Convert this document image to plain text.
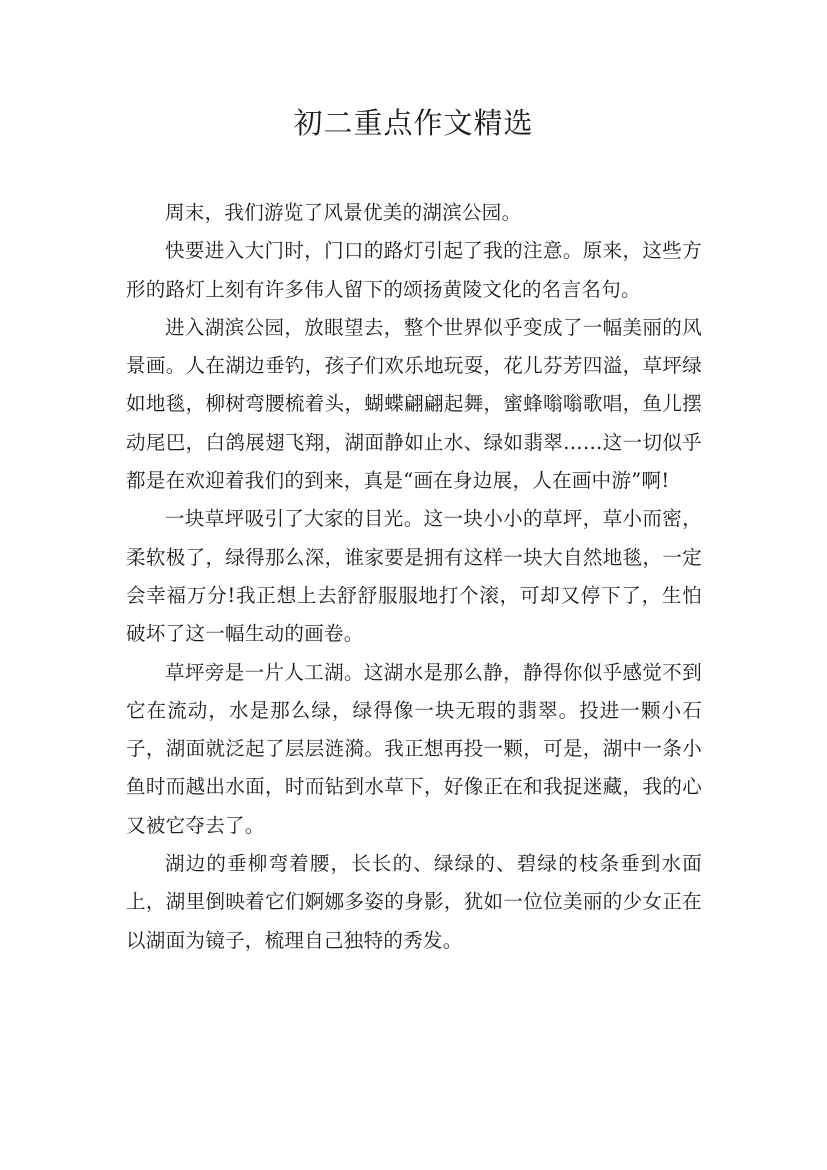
初二重点作文精选

周末，我们游览了风景优美的湖滨公园。

快要进入大门时，门口的路灯引起了我的注意。原来，这些方形的路灯上刻有许多伟人留下的颂扬黄陵文化的名言名句。

进入湖滨公园，放眼望去，整个世界似乎变成了一幅美丽的风景画。人在湖边垂钓，孩子们欢乐地玩耍，花儿芬芳四溢，草坪绿如地毯，柳树弯腰梳着头，蝴蝶翩翩起舞，蜜蜂嗡嗡歌唱，鱼儿摆动尾巴，白鸽展翅飞翔，湖面静如止水、绿如翡翠……这一切似乎都是在欢迎着我们的到来，真是“画在身边展，人在画中游”啊!

一块草坪吸引了大家的目光。这一块小小的草坪，草小而密，柔软极了，绿得那么深，谁家要是拥有这样一块大自然地毯，一定会幸福万分!我正想上去舒舒服服地打个滚，可却又停下了，生怕破坏了这一幅生动的画卷。

草坪旁是一片人工湖。这湖水是那么静，静得你似乎感觉不到它在流动，水是那么绿，绿得像一块无瑕的翡翠。投进一颗小石子，湖面就泛起了层层涟漪。我正想再投一颗，可是，湖中一条小鱼时而越出水面，时而钻到水草下，好像正在和我捉迷藏，我的心又被它夺去了。

湖边的垂柳弯着腰，长长的、绿绿的、碧绿的枝条垂到水面上，湖里倒映着它们婀娜多姿的身影，犹如一位位美丽的少女正在以湖面为镜子，梳理自己独特的秀发。
